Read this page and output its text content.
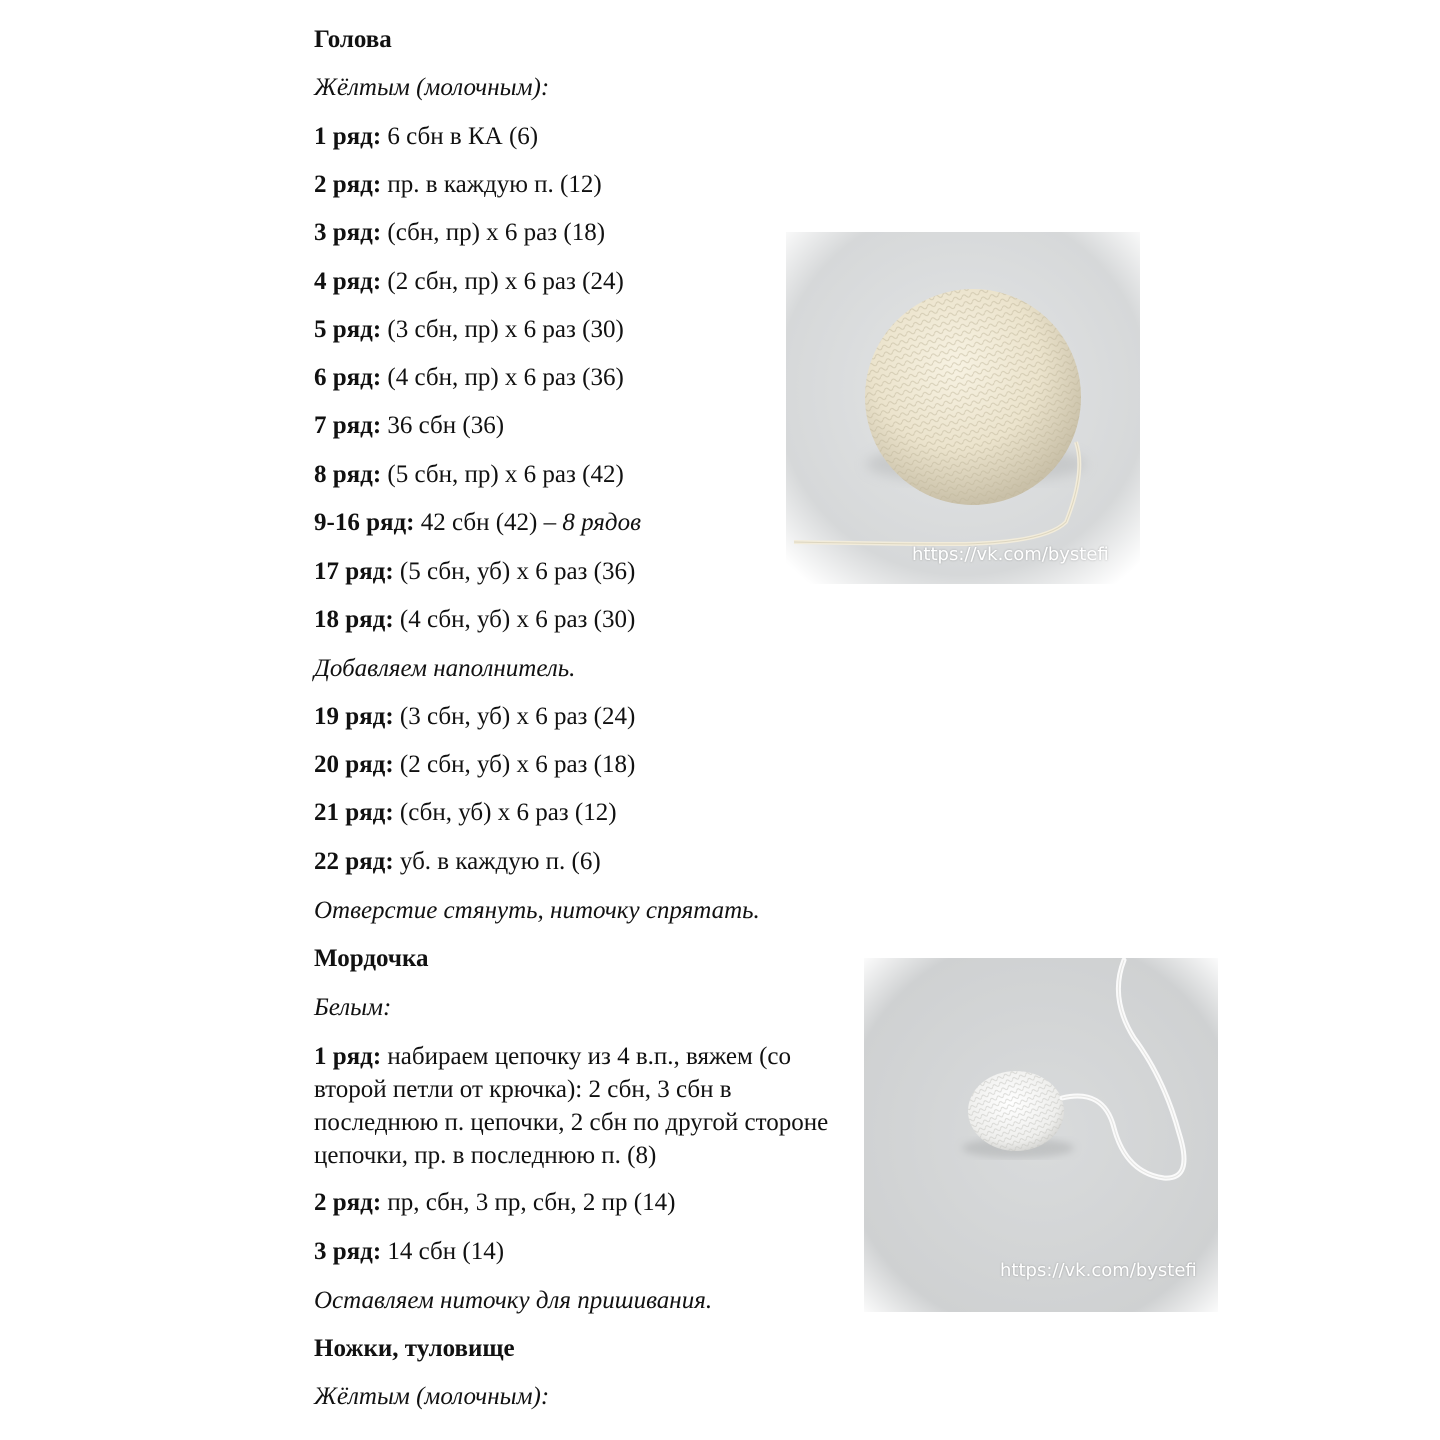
Голова

Жёлтым (молочным):

1 ряд: 6 сбн в КА (6)

2 ряд: пр. в каждую п. (12)

3 ряд: (сбн, пр) х 6 раз (18)

4 ряд: (2 сбн, пр) х 6 раз (24)

5 ряд: (3 сбн, пр) х 6 раз (30)

6 ряд: (4 сбн, пр) х 6 раз (36)

7 ряд: 36 сбн (36)

8 ряд: (5 сбн, пр) х 6 раз (42)

9-16 ряд: 42 сбн (42) – 8 рядов

17 ряд: (5 сбн, уб) х 6 раз (36)

18 ряд: (4 сбн, уб) х 6 раз (30)

Добавляем наполнитель.

19 ряд: (3 сбн, уб) х 6 раз (24)

20 ряд: (2 сбн, уб) х 6 раз (18)

21 ряд: (сбн, уб) х 6 раз (12)

22 ряд: уб. в каждую п. (6)

Отверстие стянуть, ниточку спрятать.

Мордочка

Белым:

1 ряд: набираем цепочку из 4 в.п., вяжем (со второй петли от крючка): 2 сбн, 3 сбн в последнюю п. цепочки, 2 сбн по другой стороне цепочки, пр. в последнюю п. (8)

2 ряд: пр, сбн, 3 пр, сбн, 2 пр (14)

3 ряд: 14 сбн (14)

Оставляем ниточку для пришивания.

Ножки, туловище

Жёлтым (молочным):

https://vk.com/bystefi
https://vk.com/bystefi
